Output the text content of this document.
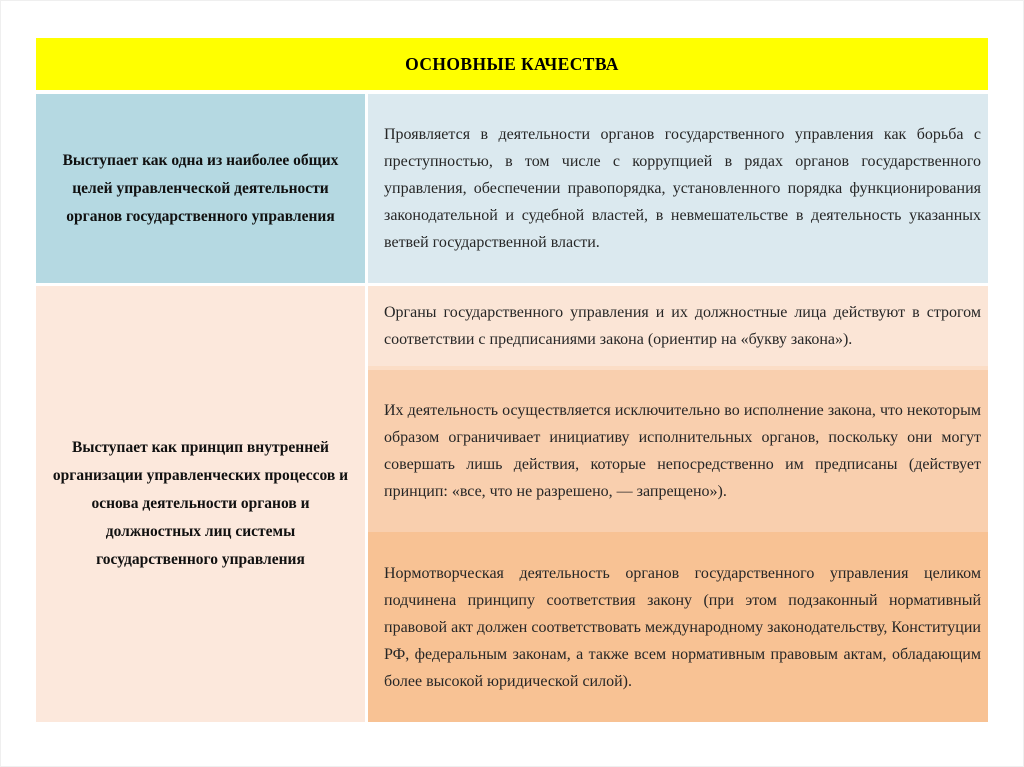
ОСНОВНЫЕ КАЧЕСТВА

Выступает как одна из наиболее общих целей управленческой деятельности органов государственного управления

Проявляется в деятельности органов государственного управления как борьба с преступностью, в том числе с коррупцией в рядах органов государственного управления, обеспечении правопорядка, установленного порядка функционирования законодательной и судебной властей, в невмешательстве в деятельность указанных ветвей государственной власти.

Выступает как принцип внутренней организации управленческих процессов и основа деятельности органов и должностных лиц системы государственного управления

Органы государственного управления и их должностные лица действуют в строгом соответствии с предписаниями закона (ориентир на «букву закона»).

Их деятельность осуществляется исключительно во исполнение закона, что некоторым образом ограничивает инициативу исполнительных органов, поскольку они могут совершать лишь действия, которые непосредственно им предписаны (действует принцип: «все, что не разрешено, — запрещено»).

Нормотворческая деятельность органов государственного управления целиком подчинена принципу соответствия закону (при этом подзаконный нормативный правовой акт должен соответствовать международному законодательству, Конституции РФ, федеральным законам, а также всем нормативным правовым актам, обладающим более высокой юридической силой).
